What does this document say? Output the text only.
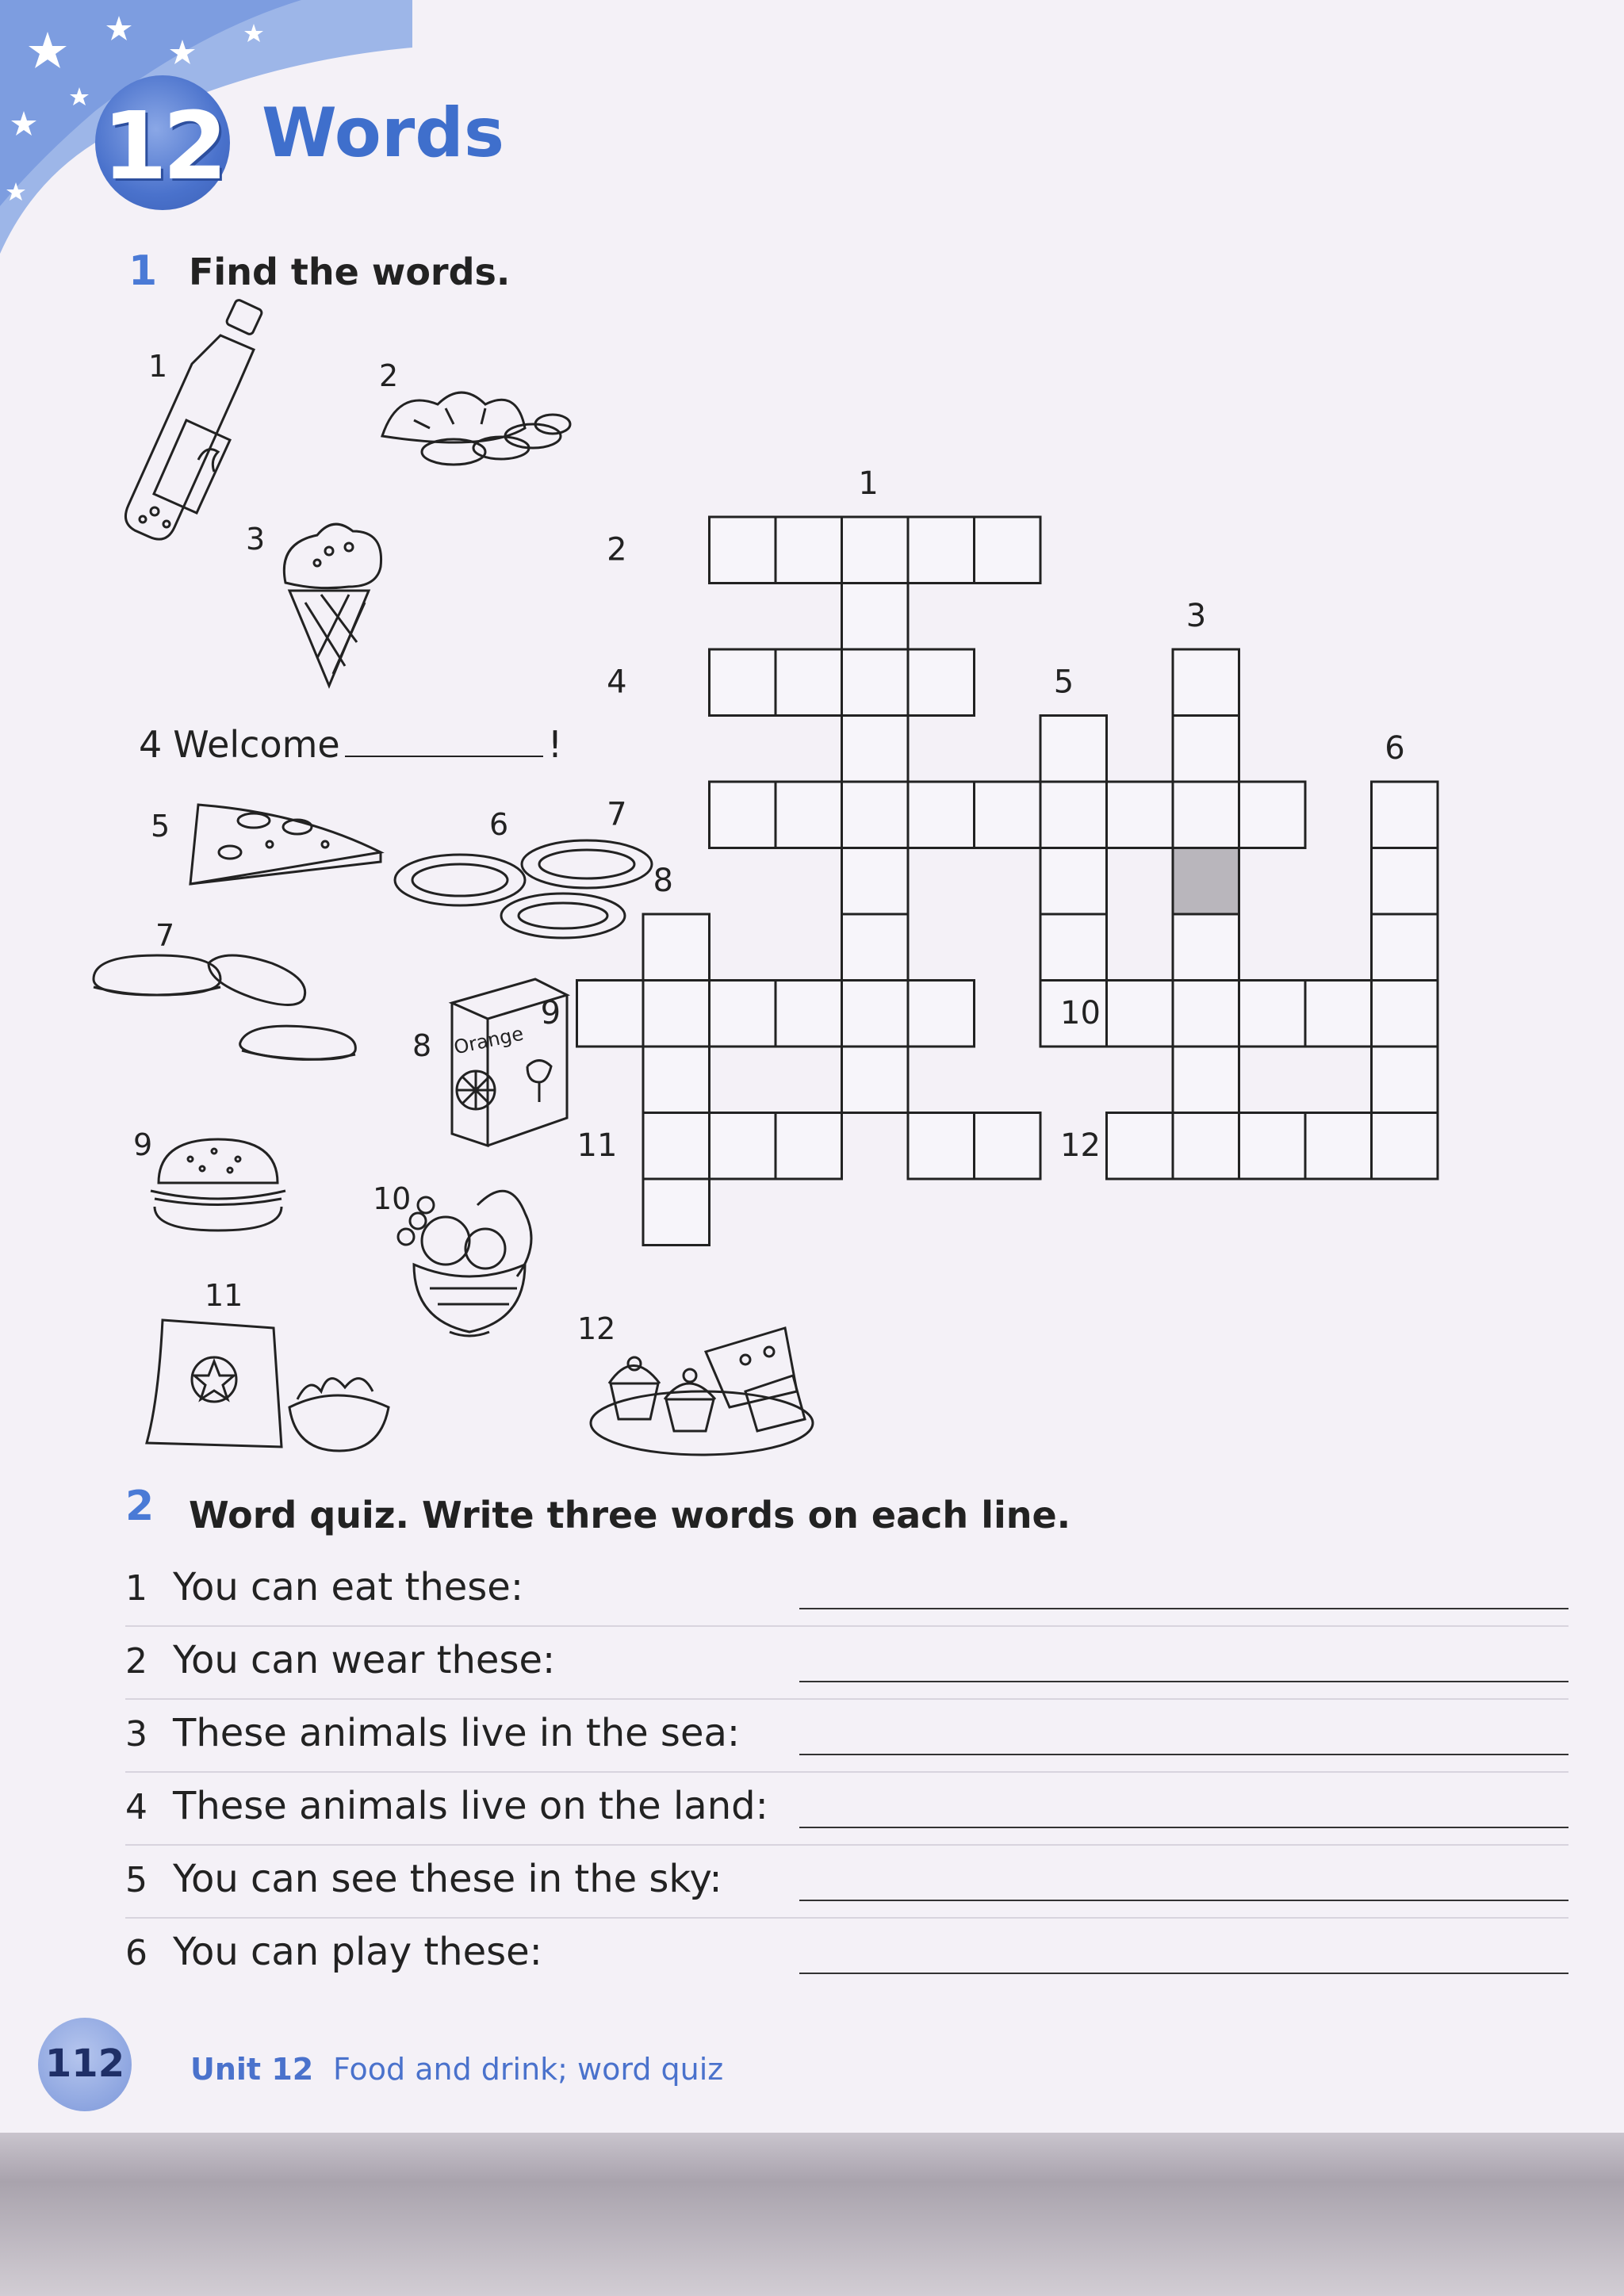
12 Words
1 Find the words.
1	2
3
5	6
7
8
9
10
11
12
Orange
4 Welcome	!
1
2
3
4	5
6
7
8
9	10
11	12
2 Word quiz. Write three words on each line.
1 You can eat these:
2 You can wear these:
3 These animals live in the sea:
4 These animals live on the land:
5 You can see these in the sky:
6 You can play these:
112 Unit 12 Food and drink; word quiz
